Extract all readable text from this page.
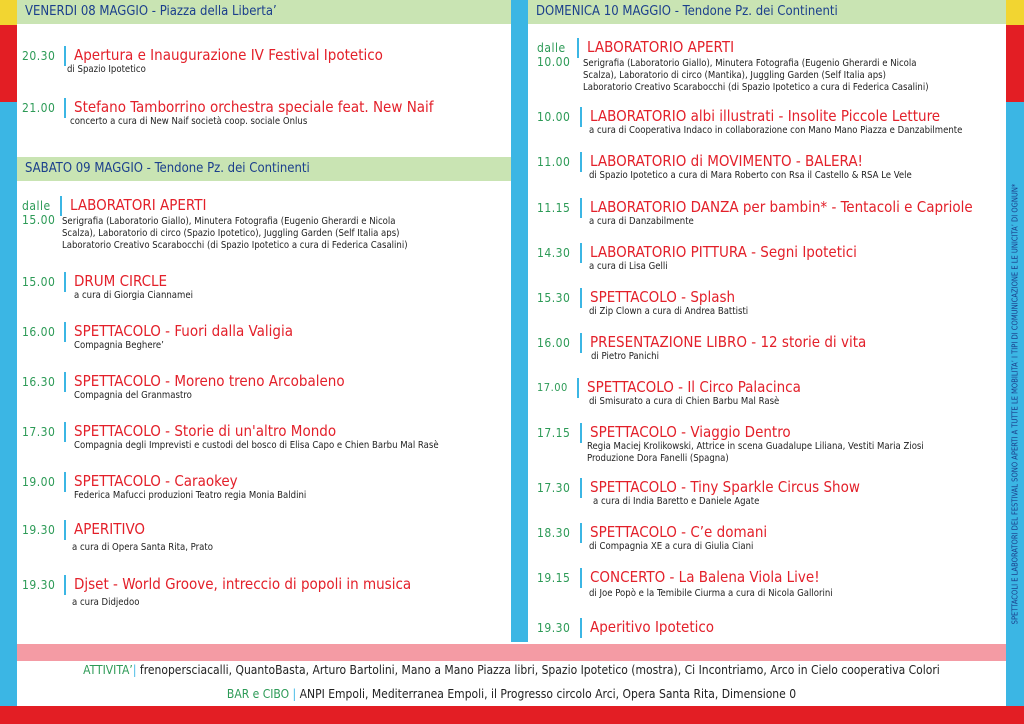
SPETTACOLI E LABORATORI DEL FESTIVAL SONO APERTI A TUTTE LE MOBILITA’ I TIPI DI COMUNICAZIONE E LE UNICITA’ DI OGNUN*
VENERDI 08 MAGGIO - Piazza della Liberta’
SABATO 09 MAGGIO - Tendone Pz. dei Continenti
DOMENICA 10 MAGGIO - Tendone Pz. dei Continenti
20.30 Apertura e Inaugurazione IV Festival Ipotetico
di Spazio Ipotetico
21.00 Stefano Tamborrino orchestra speciale feat. New Naif
concerto a cura di New Naif società coop. sociale Onlus
dalle
15.00
LABORATORI APERTI
Serigrafia (Laboratorio Giallo), Minutera Fotografia (Eugenio Gherardi e Nicola
Scalza), Laboratorio di circo (Spazio Ipotetico), Juggling Garden (Self Italia aps)
Laboratorio Creativo Scarabocchi (di Spazio Ipotetico a cura di Federica Casalini)
15.00 DRUM CIRCLE
a cura di Giorgia Ciannamei
16.00 SPETTACOLO - Fuori dalla Valigia
Compagnia Beghere’
16.30 SPETTACOLO - Moreno treno Arcobaleno
Compagnia del Granmastro
17.30 SPETTACOLO - Storie di un'altro Mondo
Compagnia degli Imprevisti e custodi del bosco di Elisa Capo e Chien Barbu Mal Rasè
19.00 SPETTACOLO - Caraokey
Federica Mafucci produzioni Teatro regia Monia Baldini
19.30 APERITIVO
a cura di Opera Santa Rita, Prato
19.30 Djset - World Groove, intreccio di popoli in musica
a cura Didjedoo
dalle
10.00
LABORATORIO APERTI
Serigrafia (Laboratorio Giallo), Minutera Fotografia (Eugenio Gherardi e Nicola
Scalza), Laboratorio di circo (Mantika), Juggling Garden (Self Italia aps)
Laboratorio Creativo Scarabocchi (di Spazio Ipotetico a cura di Federica Casalini)
10.00 LABORATORIO albi illustrati - Insolite Piccole Letture
a cura di Cooperativa Indaco in collaborazione con Mano Mano Piazza e Danzabilmente
11.00 LABORATORIO di MOVIMENTO - BALERA!
di Spazio Ipotetico a cura di Mara Roberto con Rsa il Castello & RSA Le Vele
11.15 LABORATORIO DANZA per bambin* - Tentacoli e Capriole
a cura di Danzabilmente
14.30 LABORATORIO PITTURA - Segni Ipotetici
a cura di Lisa Gelli
15.30 SPETTACOLO - Splash
di Zip Clown a cura di Andrea Battisti
16.00 PRESENTAZIONE LIBRO - 12 storie di vita
di Pietro Panichi
17.00 SPETTACOLO - Il Circo Palacinca
di Smisurato a cura di Chien Barbu Mal Rasè
17.15 SPETTACOLO - Viaggio Dentro
Regia Maciej Krolikowski, Attrice in scena Guadalupe Liliana, Vestiti Maria Ziosi
Produzione Dora Fanelli (Spagna)
17.30 SPETTACOLO - Tiny Sparkle Circus Show
a cura di India Baretto e Daniele Agate
18.30 SPETTACOLO - C’e domani
di Compagnia XE a cura di Giulia Ciani
19.15 CONCERTO - La Balena Viola Live!
di Joe Popò e la Temibile Ciurma a cura di Nicola Gallorini
19.30 Aperitivo Ipotetico
ATTIVITA’| frenopersciacalli, QuantoBasta, Arturo Bartolini, Mano a Mano Piazza libri, Spazio Ipotetico (mostra), Ci Incontriamo, Arco in Cielo cooperativa Colori
BAR e CIBO | ANPI Empoli, Mediterranea Empoli, il Progresso circolo Arci, Opera Santa Rita, Dimensione 0
